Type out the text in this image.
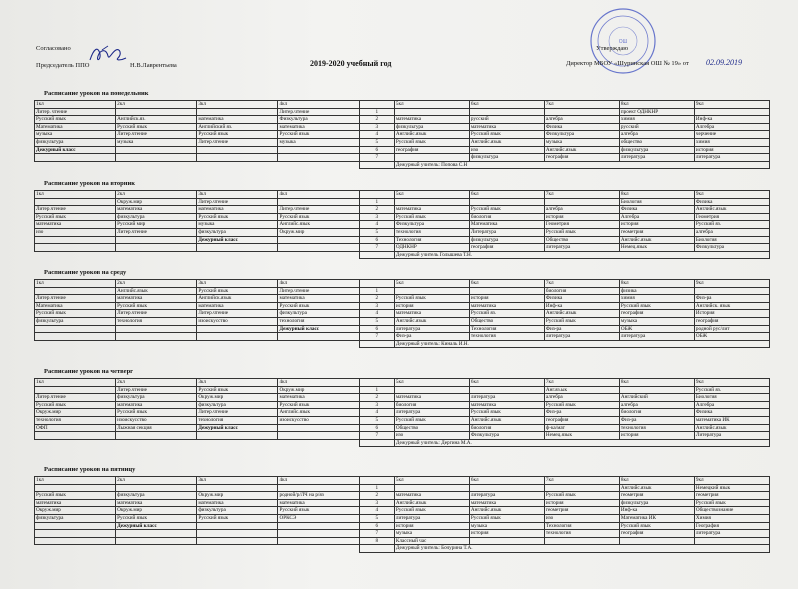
Согласовано
Председатель ППО	Н.В.Лаврентьева	2019-2020 учебный год
ОШ
Утверждаю
Директор МБОУ «Шуринская ОШ № 19» от 02.09.2019
Расписание уроков на понедельник
1кл	2кл	3кл	4кл		5кл	6кл	7кл	8кл	9кл
Литер. чтение			Литер.чтение	1				проект ОДНКНР	
Русский язык	Английск.яз.	математика	Физкультура	2	математика	русский	алгебра	химия	Инф-ка
Математика	Русский язык	Английский яз.	математика	3	физкультура	математика	Физика	русский	Алгебра
музыка	Литер.чтение	Русский язык	Русский язык	4	Английс.язык	Русский язык	Физкультура	алгебра	черчение
физкультура	музыка	Литер.чтение	музыка	5	Русский язык	Английс.язык	музыка	общество	химия
Дежурный класс				6	география	изо	Английс.язык	физкультура	история
				7		физкультура	география	литература	литература
					Дежурный учитель: Попова С.Н				
Расписание уроков на вторник
1кл	2кл	3кл	4кл		5кл	6кл	7кл	8кл	9кл
	Окруж.мир	Литер.чтение		1				Биология	Физика
Литер.чтение	математика	математика	Литер.чтение	2	математика	Русский язык	алгебра	Физика	Английс.язык
Русский язык	физкультура	Русский язык	Русский язык	3	Русский язык	биология	история	Алгебра	Геометрия
математика	Русский мир	музыка	Английс.язык	4	Физкультура	Математика	Геометрия	история	Русский яз.
изо	Литер.чтение	физкультура	Окруж.мир	5	технология	Литература	Русский язык	геометрия	алгебра
		Дежурный класс		6	Технология	физкультура	Общество	Английс.язык	Биология
				7	ОДНКНР	география	литература	Немец.язык	Физкультура
					Дежурный учитель Голышева Т.Н.				
Расписание уроков на среду
1кл	2кл	3кл	4кл		5кл	6кл	7кл	8кл	9кл
	Английс.язык	Русский язык	Литер.чтение	1			биология	физика	
Литер.чтение	математика	Английск.язык	математика	2	Русский язык	история	Физика	химия	Физ-ра
Математика	Русский язык	математика	Русский язык	3	история	математика	Инф-ка	Русский язык	Английск. язык
Русский язык	Литер.чтение	Литер.чтение	физкультура	4	математика	Русский яз.	Английс.язык	география	История
физкультура	технология	изоискусство	технология	5	Английс.язык	Общество	Русский язык	музыка	география
			Дежурный класс	6	литература	Технология	Физ-ра	ОБЖ	родной рус/лит
				7	Физ-ра	технология	литература	литература	ОБЖ
					Дежурный учитель: Киналь И.Н.				
Расписание уроков на четверг
1кл	2кл	3кл	4кл		5кл	6кл	7кл	8кл	9кл
	Литер.чтение	Русский язык	Окруж.мир	1			Анг.яз.ык		Русский яз.
Литер.чтение	физкультура	Окруж.мир	математика	2	математика	литература	алгебра	Английский	Биология
Русский язык	математика	физкультура	Русский язык	3	биология	математика	Русский язык	алгебра	Алгебра
Окруж.мир	Русский язык	Литер.чтение	Английс.язык	4	литература	Русский язык	Физ-ра	биология	Физика
технология	изоискусство	технология	изоискусство	5	Русский язык	Английс.язык	география	Физ-ра	математика ИК
ОФП	Лыжная секция	Дежурный класс		6	Общество	биология	ф-ка/мат	технология	Английс.язык
				7	изо	Физкультура	Немец.язык	история	Литература
					Дежурный учитель: Дергина М.А.				
Расписание уроков на пятницу
1кл	2кл	3кл	4кл		5кл	6кл	7кл	8кл	9кл
				1				Английс.язык	Немецкий язык
Русский язык	физкультура	Окруж.мир	родной/р/ЛЧ на р/яз	2	математика	литература	Русский язык	геометрия	геометрия
математика	математика	математика	математика	3	Английс.язык	математика	история	физкультура	Русский язык
Окруж.мир	Окруж.мир	физкультура	Русский язык	4	Русский язык	Английс.язык	геометрия	Инф-ка	Обществознание
физкультура	Русский язык	Русский язык	ОРКСЭ	5	литература	Русский язык	изо	Математика ИК	Химия
	Дежурный класс			6	история	музыка	Технология	Русский язык	География
				7	музыка	история	технология	география	литература
				8	Классный час				
					Дежурный учитель: Бочурина Т.А.				
